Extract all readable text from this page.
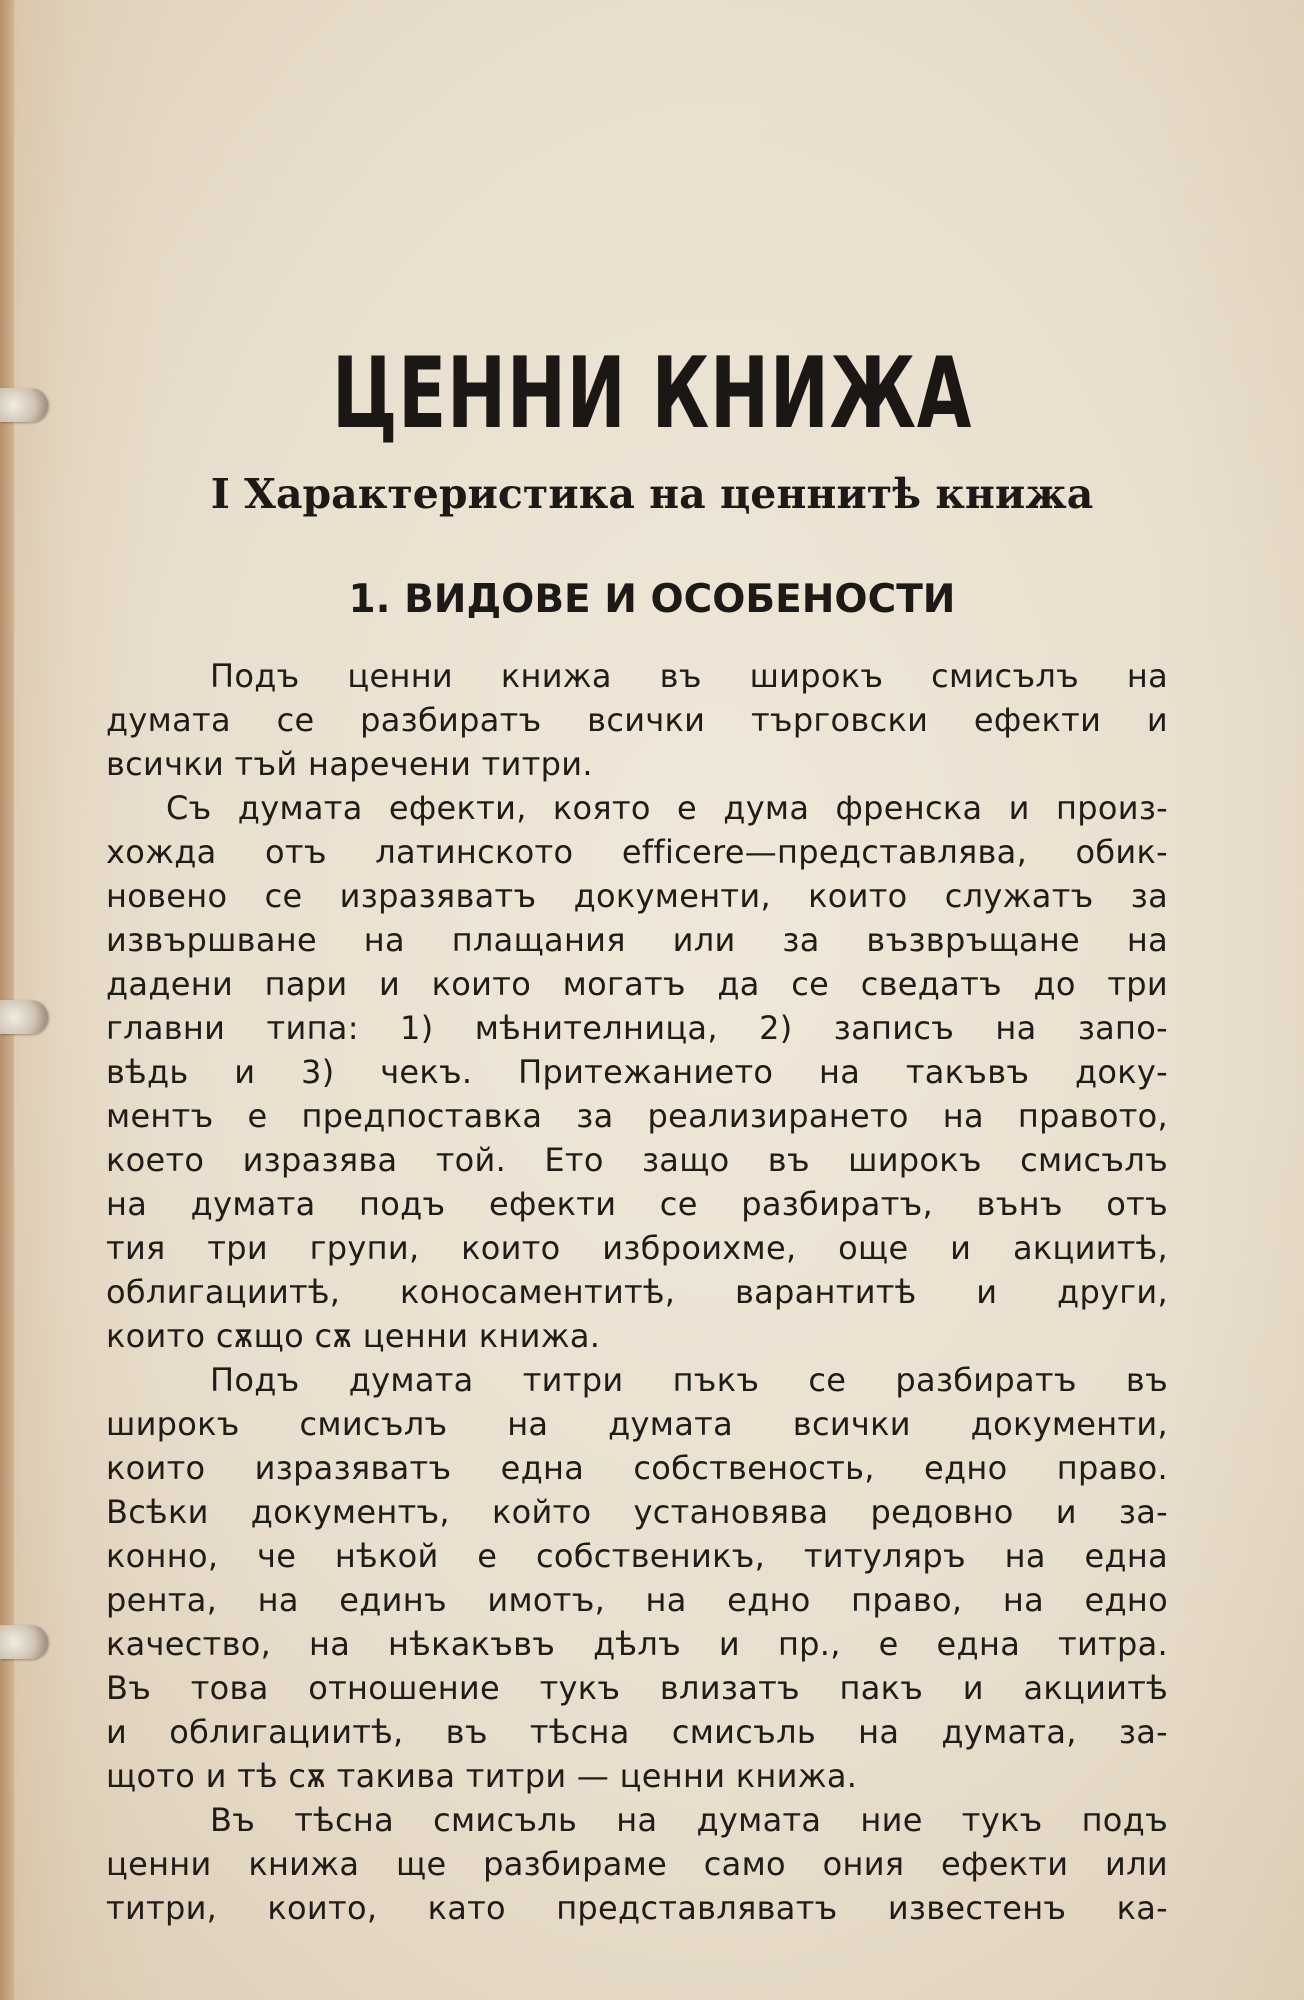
ЦЕННИ КНИЖА
I Характеристика на ценнитѣ книжа
1. ВИДОВЕ И ОСОБЕНОСТИ
Подъ ценни книжа въ широкъ смисълъ на
думата се разбиратъ всички търговски ефекти и
всички тъй наречени титри.
Съ думата ефекти, която е дума френска и произ-
хожда отъ латинското efficere—представлява, обик-
новено се изразяватъ документи, които служатъ за
извършване на плащания или за възвръщане на
дадени пари и които могатъ да се сведатъ до три
главни типа: 1) мѣнителница, 2) записъ на запо-
вѣдь и 3) чекъ. Притежанието на такъвъ доку-
ментъ е предпоставка за реализирането на правото,
което изразява той. Ето защо въ широкъ смисълъ
на думата подъ ефекти се разбиратъ, вънъ отъ
тия три групи, които изброихме, още и акциитѣ,
облигациитѣ, коносаментитѣ, варантитѣ и други,
които сѫщо сѫ ценни книжа.
Подъ думата титри пъкъ се разбиратъ въ
широкъ смисълъ на думата всички документи,
които изразяватъ една собственость, едно право.
Всѣки документъ, който установява редовно и за-
конно, че нѣкой е собственикъ, титуляръ на една
рента, на единъ имотъ, на едно право, на едно
качество, на нѣкакъвъ дѣлъ и пр., е една титра.
Въ това отношение тукъ влизатъ пакъ и акциитѣ
и облигациитѣ, въ тѣсна смисъль на думата, за-
щото и тѣ сѫ такива титри — ценни книжа.
Въ тѣсна смисъль на думата ние тукъ подъ
ценни книжа ще разбираме само ония ефекти или
титри, които, като представляватъ известенъ ка-
